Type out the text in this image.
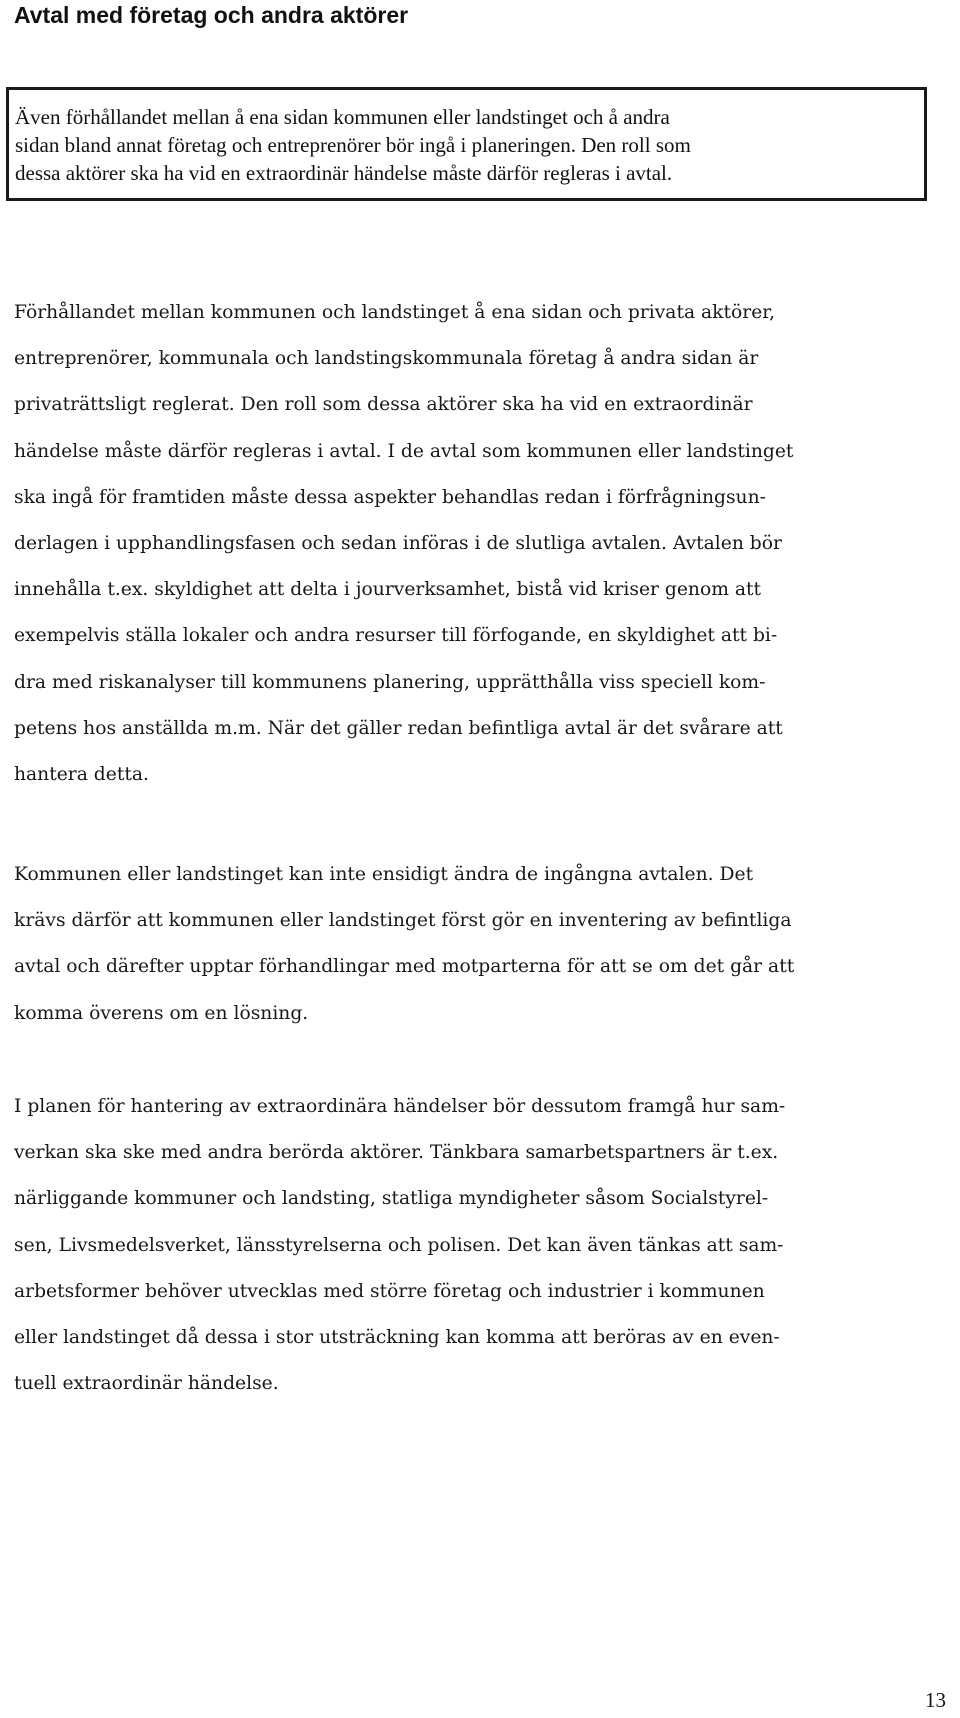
Avtal med företag och andra aktörer
Även förhållandet mellan å ena sidan kommunen eller landstinget och å andra
sidan bland annat företag och entreprenörer bör ingå i planeringen. Den roll som
dessa aktörer ska ha vid en extraordinär händelse måste därför regleras i avtal.
Förhållandet mellan kommunen och landstinget å ena sidan och privata aktörer,
entreprenörer, kommunala och landstingskommunala företag å andra sidan är
privaträttsligt reglerat. Den roll som dessa aktörer ska ha vid en extraordinär
händelse måste därför regleras i avtal. I de avtal som kommunen eller landstinget
ska ingå för framtiden måste dessa aspekter behandlas redan i förfrågningsun-
derlagen i upphandlingsfasen och sedan införas i de slutliga avtalen. Avtalen bör
innehålla t.ex. skyldighet att delta i jourverksamhet, bistå vid kriser genom att
exempelvis ställa lokaler och andra resurser till förfogande, en skyldighet att bi-
dra med riskanalyser till kommunens planering, upprätthålla viss speciell kom-
petens hos anställda m.m. När det gäller redan befintliga avtal är det svårare att
hantera detta.
Kommunen eller landstinget kan inte ensidigt ändra de ingångna avtalen. Det
krävs därför att kommunen eller landstinget först gör en inventering av befintliga
avtal och därefter upptar förhandlingar med motparterna för att se om det går att
komma överens om en lösning.
I planen för hantering av extraordinära händelser bör dessutom framgå hur sam-
verkan ska ske med andra berörda aktörer. Tänkbara samarbetspartners är t.ex.
närliggande kommuner och landsting, statliga myndigheter såsom Socialstyrel-
sen, Livsmedelsverket, länsstyrelserna och polisen. Det kan även tänkas att sam-
arbetsformer behöver utvecklas med större företag och industrier i kommunen
eller landstinget då dessa i stor utsträckning kan komma att beröras av en even-
tuell extraordinär händelse.
13
